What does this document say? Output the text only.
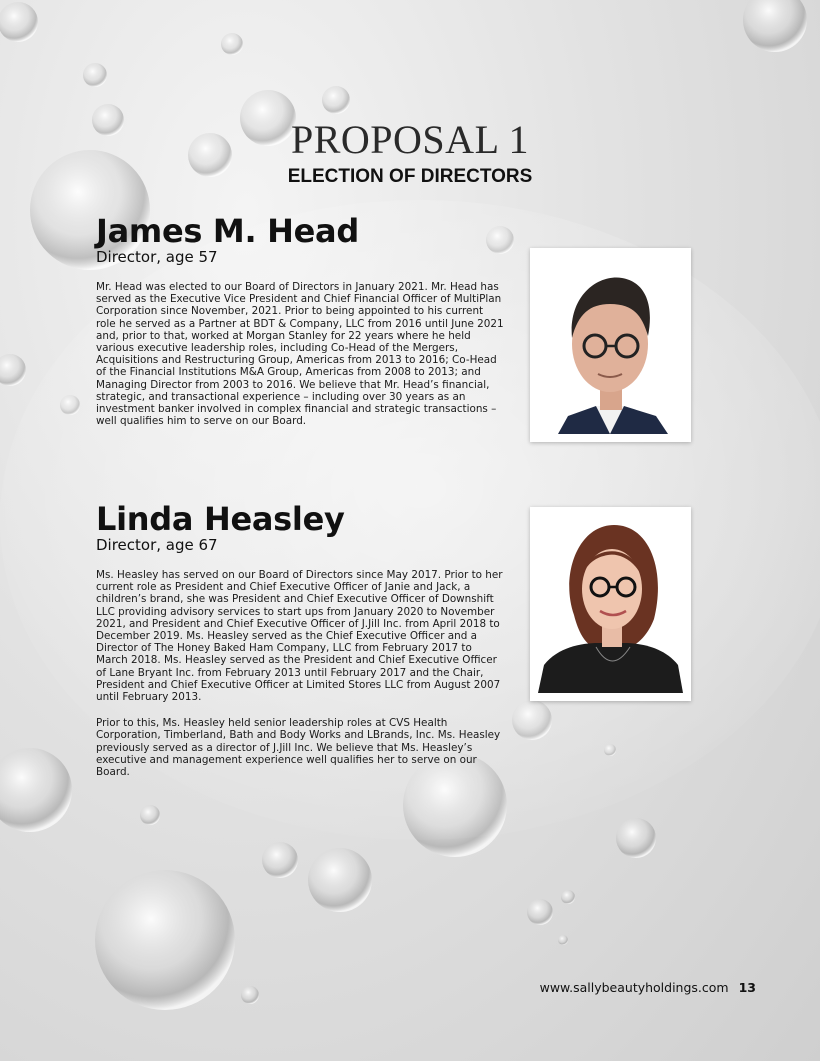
PROPOSAL 1
ELECTION OF DIRECTORS
James M. Head

Director, age 57

Mr. Head was elected to our Board of Directors in January 2021. Mr. Head has served as the Executive Vice President and Chief Financial Officer of MultiPlan Corporation since November, 2021. Prior to being appointed to his current role he served as a Partner at BDT & Company, LLC from 2016 until June 2021 and, prior to that, worked at Morgan Stanley for 22 years where he held various executive leadership roles, including Co-Head of the Mergers, Acquisitions and Restructuring Group, Americas from 2013 to 2016; Co-Head of the Financial Institutions M&A Group, Americas from 2008 to 2013; and Managing Director from 2003 to 2016. We believe that Mr. Head’s financial, strategic, and transactional experience – including over 30 years as an investment banker involved in complex financial and strategic transactions – well qualifies him to serve on our Board.

Linda Heasley

Director, age 67

Ms. Heasley has served on our Board of Directors since May 2017. Prior to her current role as President and Chief Executive Officer of Janie and Jack, a children’s brand, she was President and Chief Executive Officer of Downshift LLC providing advisory services to start ups from January 2020 to November 2021, and President and Chief Executive Officer of J.Jill Inc. from April 2018 to December 2019. Ms. Heasley served as the Chief Executive Officer and a Director of The Honey Baked Ham Company, LLC from February 2017 to March 2018. Ms. Heasley served as the President and Chief Executive Officer of Lane Bryant Inc. from February 2013 until February 2017 and the Chair, President and Chief Executive Officer at Limited Stores LLC from August 2007 until February 2013.

Prior to this, Ms. Heasley held senior leadership roles at CVS Health Corporation, Timberland, Bath and Body Works and LBrands, Inc. Ms. Heasley previously served as a director of J.Jill Inc. We believe that Ms. Heasley’s executive and management experience well qualifies her to serve on our Board.

www.sallybeautyholdings.com 13
